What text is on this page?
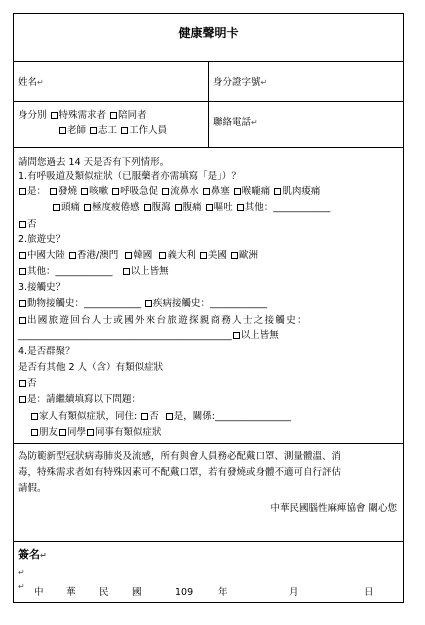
健康聲明卡
姓名↵	身分證字號↵
身分別 特殊需求者 陪同者
老師 志工 工作人員
聯絡電話↵
請問您過去 14 天是否有下列情形。
1.有呼吸道及類似症狀（已服藥者亦需填寫「是」）？
是： 發燒 咳嗽 呼吸急促 流鼻水 鼻塞 喉嚨痛 肌肉痠痛
頭痛 極度疲倦感 腹瀉 腹痛 嘔吐 其他：____________
否
2.旅遊史？
中國大陸 香港/澳門 韓國 義大利 美國 歐洲
其他：____________ 以上皆無
3.接觸史？
動物接觸史：____________ 疾病接觸史：____________
出國旅遊回台人士或國外來台旅遊探親商務人士之接觸史：
_____________________________________________ 以上皆無
4.是否群聚？
是否有其他 2 人（含）有類似症狀
否
是：請繼續填寫以下問題：
家人有類似症狀，同住: 否 是，關係:________________
朋友 同學 同事有類似症狀
為防範新型冠狀病毒肺炎及流感，所有與會人員務必配戴口罩、測量體溫、消
毒，特殊需求者如有特殊因素可不配戴口罩，若有發燒或身體不適可自行評估
請假。
中華民國腦性麻痺協會 關心您
簽名↵
↵
↵
中 華 民 國	109	年	月	日
